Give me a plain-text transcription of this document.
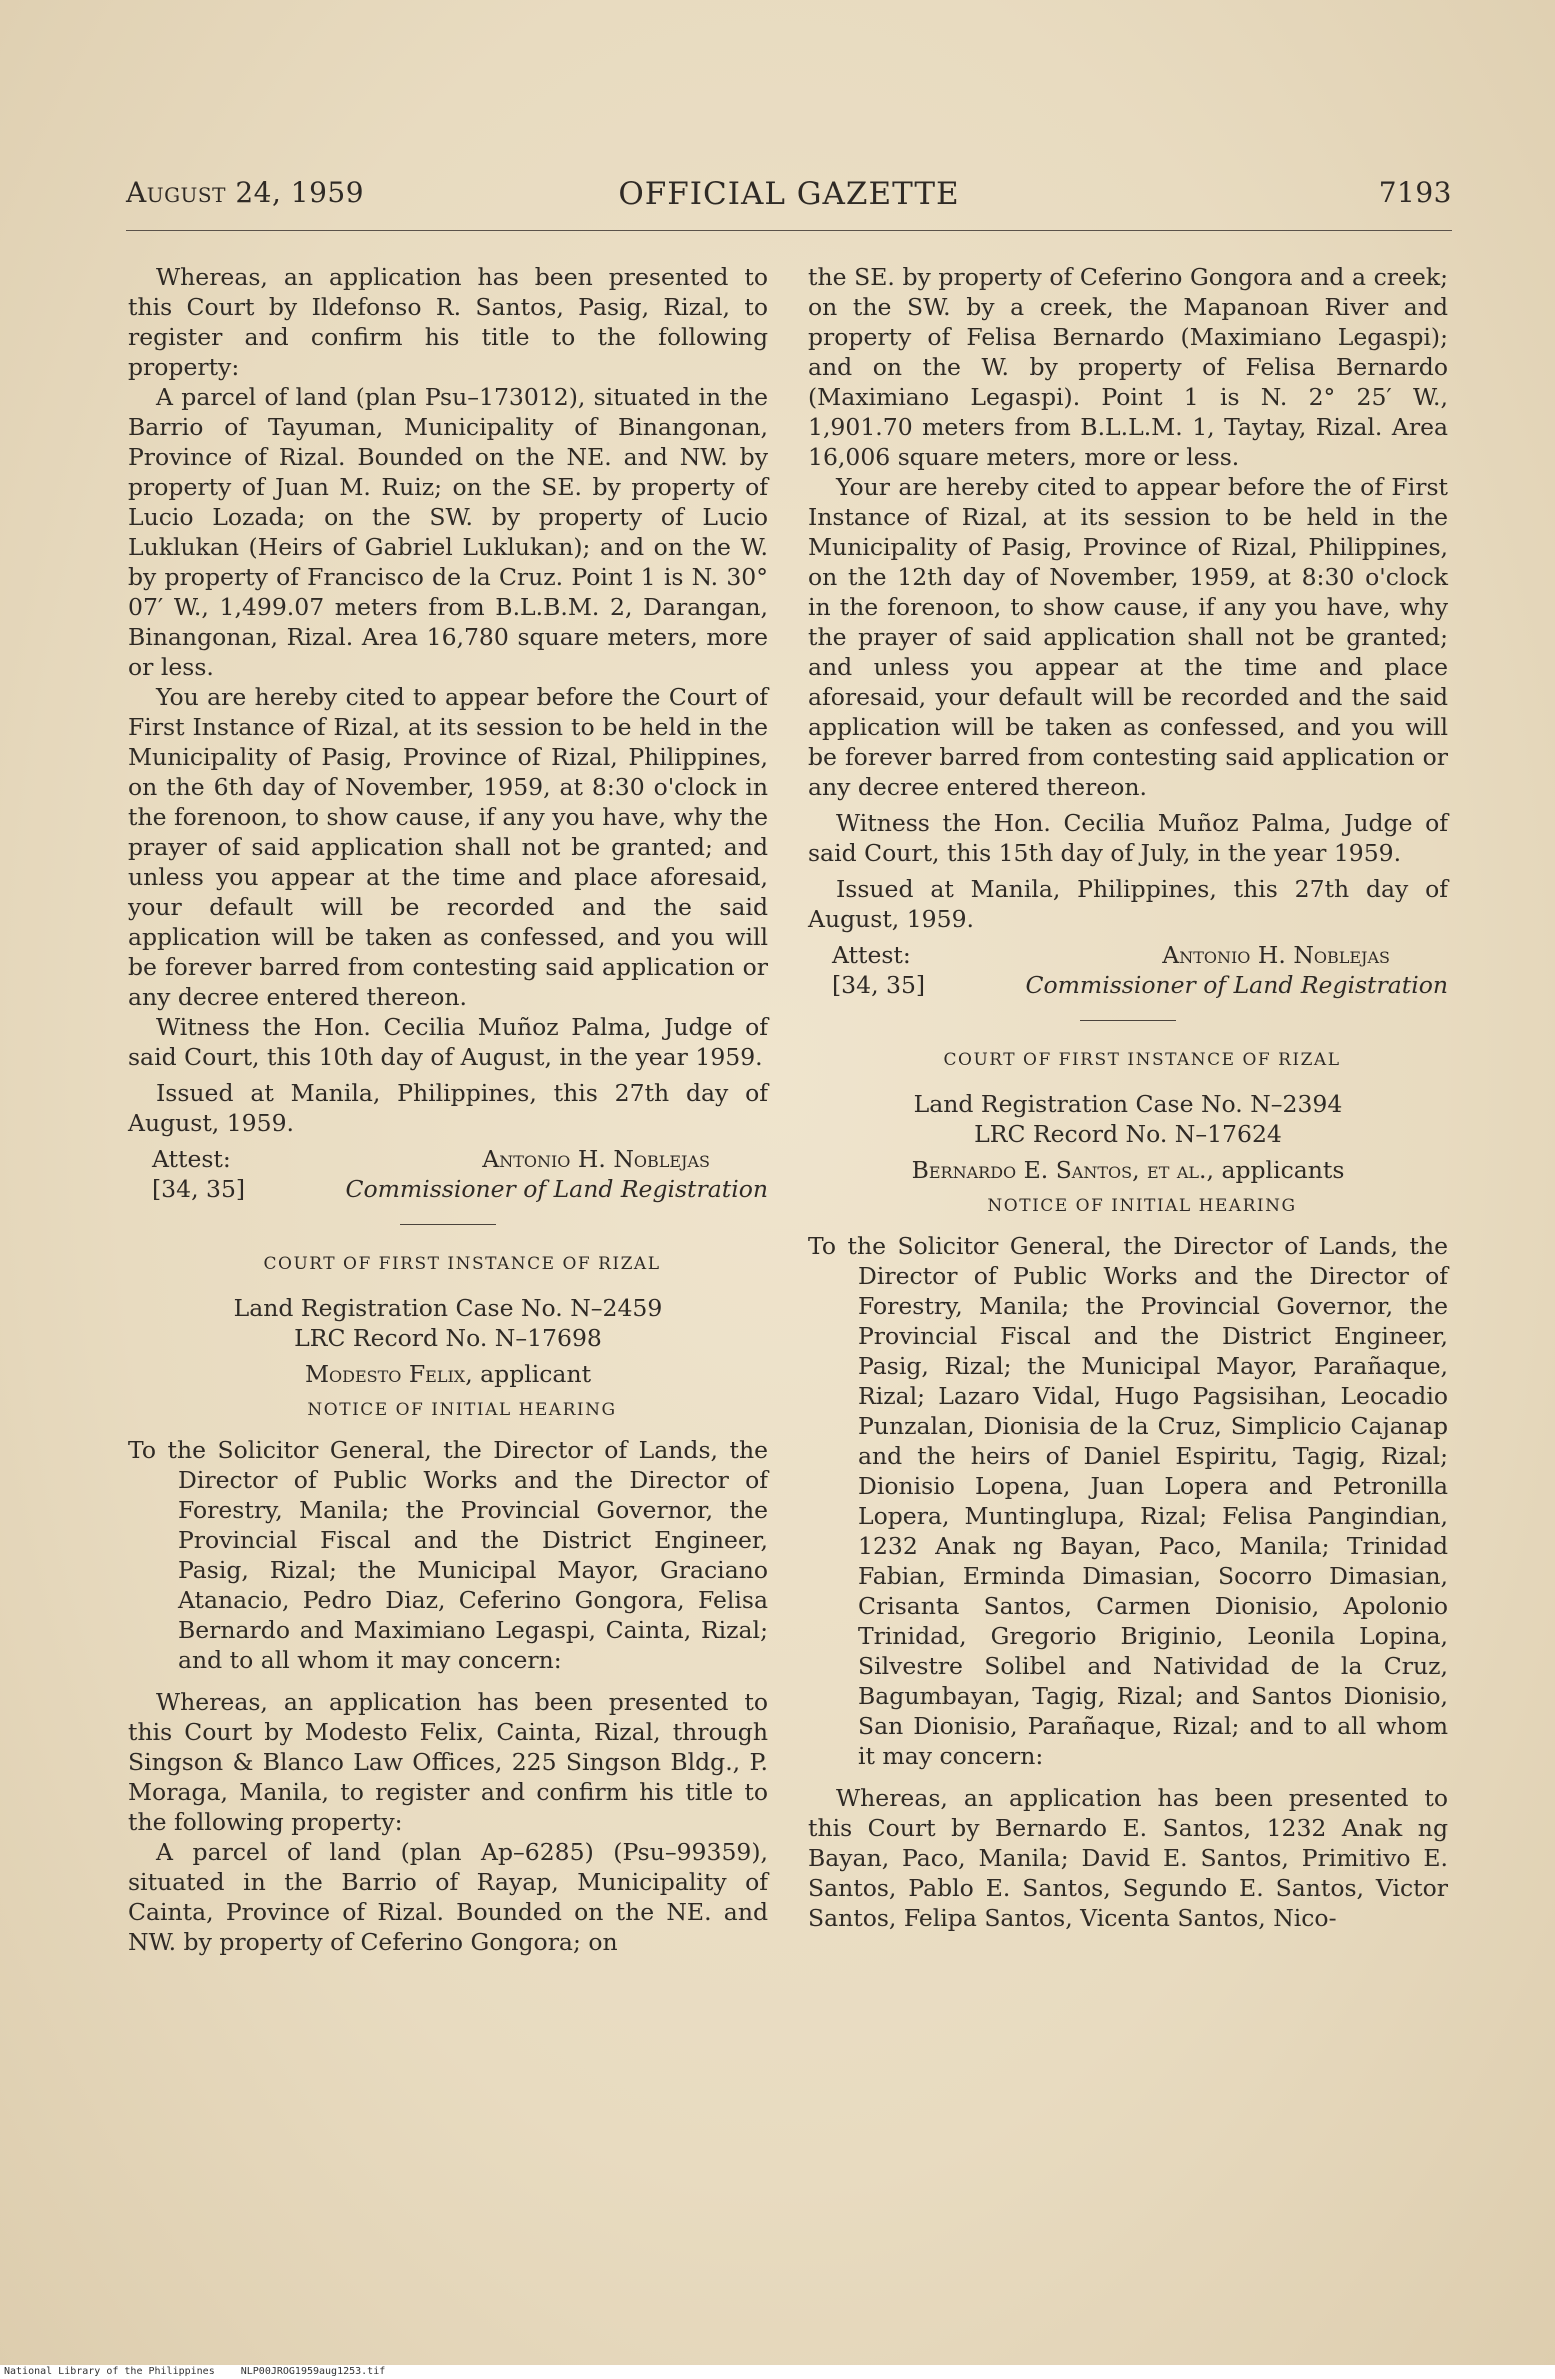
August 24, 1959	OFFICIAL GAZETTE	7193

Whereas, an application has been presented to this Court by Ildefonso R. Santos, Pasig, Rizal, to register and confirm his title to the following property:

A parcel of land (plan Psu–173012), situated in the Barrio of Tayuman, Municipality of Binangonan, Province of Rizal. Bounded on the NE. and NW. by property of Juan M. Ruiz; on the SE. by property of Lucio Lozada; on the SW. by property of Lucio Luklukan (Heirs of Gabriel Luklukan); and on the W. by property of Francisco de la Cruz. Point 1 is N. 30° 07′ W., 1,499.07 meters from B.L.B.M. 2, Darangan, Binangonan, Rizal. Area 16,780 square meters, more or less.

You are hereby cited to appear before the Court of First Instance of Rizal, at its session to be held in the Municipality of Pasig, Province of Rizal, Philippines, on the 6th day of November, 1959, at 8:30 o'clock in the forenoon, to show cause, if any you have, why the prayer of said application shall not be granted; and unless you appear at the time and place aforesaid, your default will be recorded and the said application will be taken as confessed, and you will be forever barred from contesting said application or any decree entered thereon.

Witness the Hon. Cecilia Muñoz Palma, Judge of said Court, this 10th day of August, in the year 1959.

Issued at Manila, Philippines, this 27th day of August, 1959.

Attest:	Antonio H. Noblejas
[34, 35]	Commissioner of Land Registration

COURT OF FIRST INSTANCE OF RIZAL

Land Registration Case No. N–2459

LRC Record No. N–17698

Modesto Felix, applicant

NOTICE OF INITIAL HEARING

To the Solicitor General, the Director of Lands, the Director of Public Works and the Director of Forestry, Manila; the Provincial Governor, the Provincial Fiscal and the District Engineer, Pasig, Rizal; the Municipal Mayor, Graciano Atanacio, Pedro Diaz, Ceferino Gongora, Felisa Bernardo and Maximiano Legaspi, Cainta, Rizal; and to all whom it may concern:

Whereas, an application has been presented to this Court by Modesto Felix, Cainta, Rizal, through Singson & Blanco Law Offices, 225 Singson Bldg., P. Moraga, Manila, to register and confirm his title to the following property:

A parcel of land (plan Ap–6285) (Psu–99359), situated in the Barrio of Rayap, Municipality of Cainta, Province of Rizal. Bounded on the NE. and NW. by property of Ceferino Gongora; on

the SE. by property of Ceferino Gongora and a creek; on the SW. by a creek, the Mapanoan River and property of Felisa Bernardo (Maximiano Legaspi); and on the W. by property of Felisa Bernardo (Maximiano Legaspi). Point 1 is N. 2° 25′ W., 1,901.70 meters from B.L.L.M. 1, Taytay, Rizal. Area 16,006 square meters, more or less.

Your are hereby cited to appear before the of First Instance of Rizal, at its session to be held in the Municipality of Pasig, Province of Rizal, Philippines, on the 12th day of November, 1959, at 8:30 o'clock in the forenoon, to show cause, if any you have, why the prayer of said application shall not be granted; and unless you appear at the time and place aforesaid, your default will be recorded and the said application will be taken as confessed, and you will be forever barred from contesting said application or any decree entered thereon.

Witness the Hon. Cecilia Muñoz Palma, Judge of said Court, this 15th day of July, in the year 1959.

Issued at Manila, Philippines, this 27th day of August, 1959.

Attest:	Antonio H. Noblejas
[34, 35]	Commissioner of Land Registration

COURT OF FIRST INSTANCE OF RIZAL

Land Registration Case No. N–2394

LRC Record No. N–17624

Bernardo E. Santos, et al., applicants

NOTICE OF INITIAL HEARING

To the Solicitor General, the Director of Lands, the Director of Public Works and the Director of Forestry, Manila; the Provincial Governor, the Provincial Fiscal and the District Engineer, Pasig, Rizal; the Municipal Mayor, Parañaque, Rizal; Lazaro Vidal, Hugo Pagsisihan, Leocadio Punzalan, Dionisia de la Cruz, Simplicio Cajanap and the heirs of Daniel Espiritu, Tagig, Rizal; Dionisio Lopena, Juan Lopera and Petronilla Lopera, Muntinglupa, Rizal; Felisa Pangindian, 1232 Anak ng Bayan, Paco, Manila; Trinidad Fabian, Erminda Dimasian, Socorro Dimasian, Crisanta Santos, Carmen Dionisio, Apolonio Trinidad, Gregorio Briginio, Leonila Lopina, Silvestre Solibel and Natividad de la Cruz, Bagumbayan, Tagig, Rizal; and Santos Dionisio, San Dionisio, Parañaque, Rizal; and to all whom it may concern:

Whereas, an application has been presented to this Court by Bernardo E. Santos, 1232 Anak ng Bayan, Paco, Manila; David E. Santos, Primitivo E. Santos, Pablo E. Santos, Segundo E. Santos, Victor Santos, Felipa Santos, Vicenta Santos, Nico-

National Library of the Philippines	NLP00JROG1959aug1253.tif
